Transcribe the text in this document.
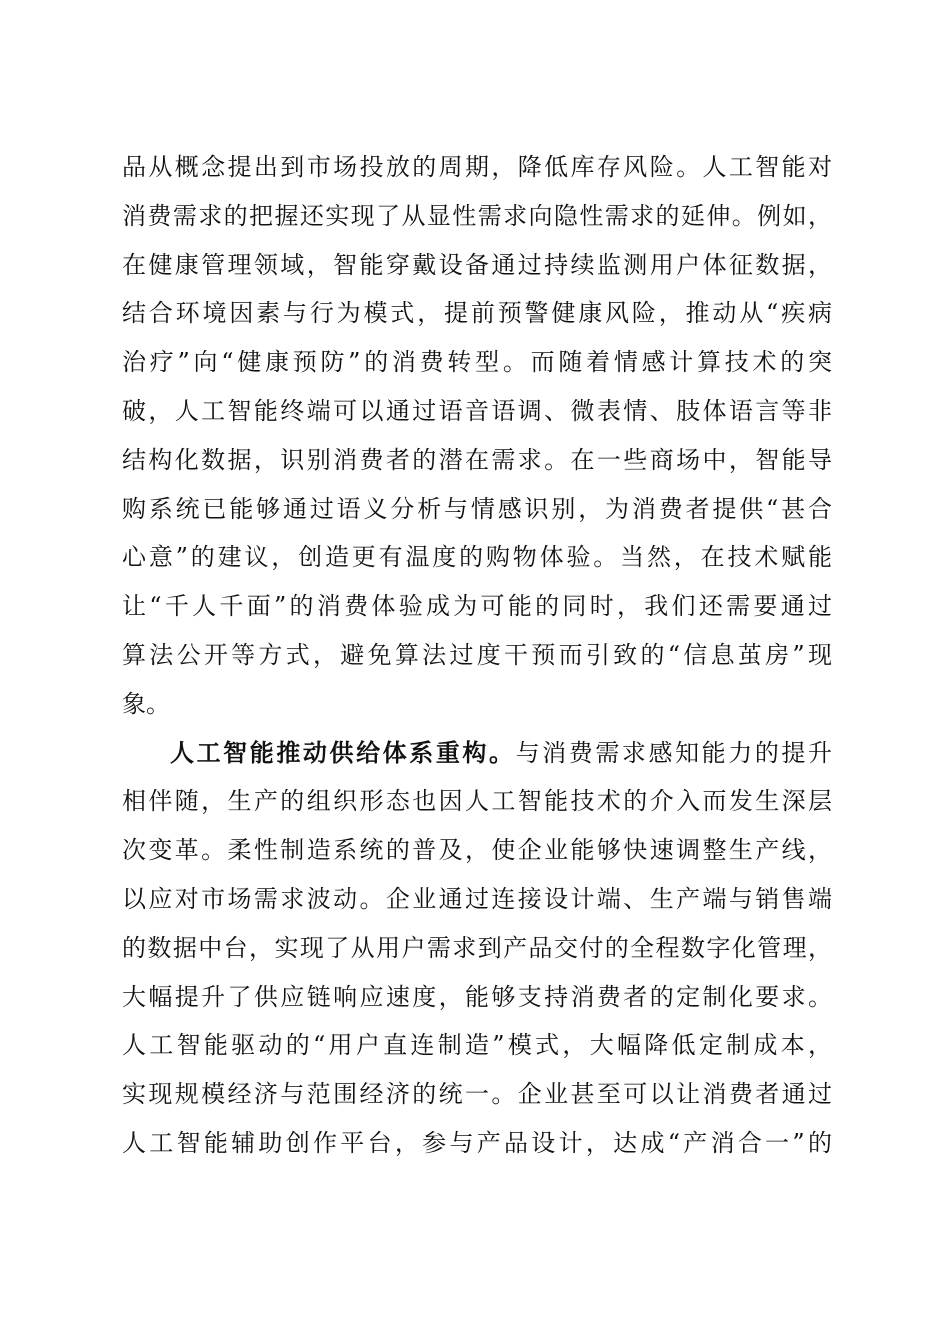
品从概念提出到市场投放的周期，降低库存风险。人工智能对
消费需求的把握还实现了从显性需求向隐性需求的延伸。例如，
在健康管理领域，智能穿戴设备通过持续监测用户体征数据，
结合环境因素与行为模式，提前预警健康风险，推动从“疾病
治疗”向“健康预防”的消费转型。而随着情感计算技术的突
破，人工智能终端可以通过语音语调、微表情、肢体语言等非
结构化数据，识别消费者的潜在需求。在一些商场中，智能导
购系统已能够通过语义分析与情感识别，为消费者提供“甚合
心意”的建议，创造更有温度的购物体验。当然，在技术赋能
让“千人千面”的消费体验成为可能的同时，我们还需要通过
算法公开等方式，避免算法过度干预而引致的“信息茧房”现
象。
人工智能推动供给体系重构。与消费需求感知能力的提升
相伴随，生产的组织形态也因人工智能技术的介入而发生深层
次变革。柔性制造系统的普及，使企业能够快速调整生产线，
以应对市场需求波动。企业通过连接设计端、生产端与销售端
的数据中台，实现了从用户需求到产品交付的全程数字化管理，
大幅提升了供应链响应速度，能够支持消费者的定制化要求。
人工智能驱动的“用户直连制造”模式，大幅降低定制成本，
实现规模经济与范围经济的统一。企业甚至可以让消费者通过
人工智能辅助创作平台，参与产品设计，达成“产消合一”的
